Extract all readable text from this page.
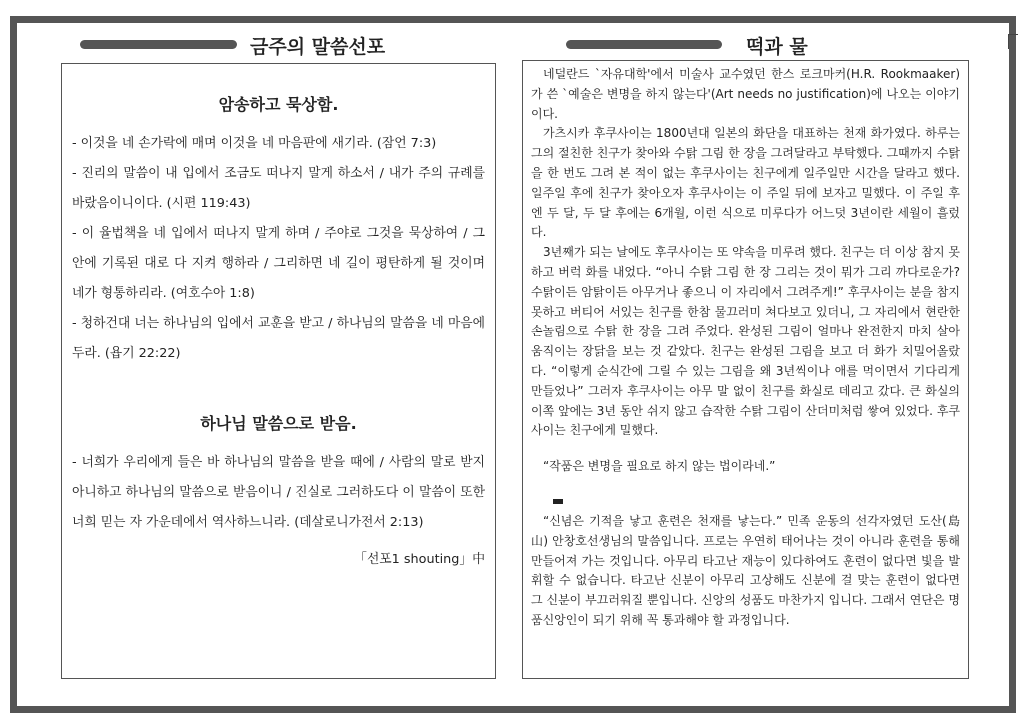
금주의 말씀선포	떡과 물
암송하고 묵상함.

- 이것을 네 손가락에 매며 이것을 네 마음판에 새기라. (잠언 7:3)

- 진리의 말씀이 내 입에서 조금도 떠나지 말게 하소서 / 내가 주의 규례를 바랐음이니이다. (시편 119:43)

- 이 율법책을 네 입에서 떠나지 말게 하며 / 주야로 그것을 묵상하여 / 그 안에 기록된 대로 다 지켜 행하라 / 그리하면 네 길이 평탄하게 될 것이며 네가 형통하리라. (여호수아 1:8)

- 청하건대 너는 하나님의 입에서 교훈을 받고 / 하나님의 말씀을 네 마음에 두라. (욥기 22:22)

하나님 말씀으로 받음.

- 너희가 우리에게 들은 바 하나님의 말씀을 받을 때에 / 사람의 말로 받지 아니하고 하나님의 말씀으로 받음이니 / 진실로 그러하도다 이 말씀이 또한 너희 믿는 자 가운데에서 역사하느니라. (데살로니가전서 2:13)

「선포1 shouting」中

네덜란드 `자유대학'에서 미술사 교수였던 한스 로크마커(H.R. Rookmaaker)가 쓴 `예술은 변명을 하지 않는다'(Art needs no justification)에 나오는 이야기이다.

가츠시카 후쿠사이는 1800년대 일본의 화단을 대표하는 천재 화가였다. 하루는 그의 절친한 친구가 찾아와 수탉 그림 한 장을 그려달라고 부탁했다. 그때까지 수탉을 한 번도 그려 본 적이 없는 후쿠사이는 친구에게 일주일만 시간을 달라고 했다. 일주일 후에 친구가 찾아오자 후쿠사이는 이 주일 뒤에 보자고 밀했다. 이 주일 후엔 두 달, 두 달 후에는 6개월, 이런 식으로 미루다가 어느덧 3년이란 세월이 흘렀다.

3년째가 되는 날에도 후쿠사이는 또 약속을 미루려 했다. 친구는 더 이상 참지 못하고 버럭 화를 내었다. “아니 수탉 그림 한 장 그리는 것이 뭐가 그리 까다로운가? 수탉이든 암탉이든 아무거나 좋으니 이 자리에서 그려주게!” 후쿠사이는 분을 참지 못하고 버티어 서있는 친구를 한참 물끄러미 쳐다보고 있더니, 그 자리에서 현란한 손놀림으로 수탉 한 장을 그려 주었다. 완성된 그림이 얼마나 완전한지 마치 살아 움직이는 장닭을 보는 것 같았다. 친구는 완성된 그림을 보고 더 화가 치밀어올랐다. “이렇게 순식간에 그릴 수 있는 그림을 왜 3년씩이나 애를 먹이면서 기다리게 만들었나” 그러자 후쿠사이는 아무 말 없이 친구를 화실로 데리고 갔다. 큰 화실의 이쪽 앞에는 3년 동안 쉬지 않고 습작한 수탉 그림이 산더미처럼 쌓여 있었다. 후쿠사이는 친구에게 밀했다.

“작품은 변명을 필요로 하지 않는 법이라네.”

“신념은 기적을 낳고 훈련은 천재를 낳는다.” 민족 운동의 선각자였던 도산(島山) 안창호선생님의 말씀입니다. 프로는 우연히 태어나는 것이 아니라 훈련을 통해 만들어져 가는 것입니다. 아무리 타고난 재능이 있다하여도 훈련이 없다면 빛을 발휘할 수 없습니다. 타고난 신분이 아무리 고상해도 신분에 걸 맞는 훈련이 없다면 그 신분이 부끄러워질 뿐입니다. 신앙의 성품도 마찬가지 입니다. 그래서 연단은 명품신앙인이 되기 위해 꼭 통과해야 할 과정입니다.
